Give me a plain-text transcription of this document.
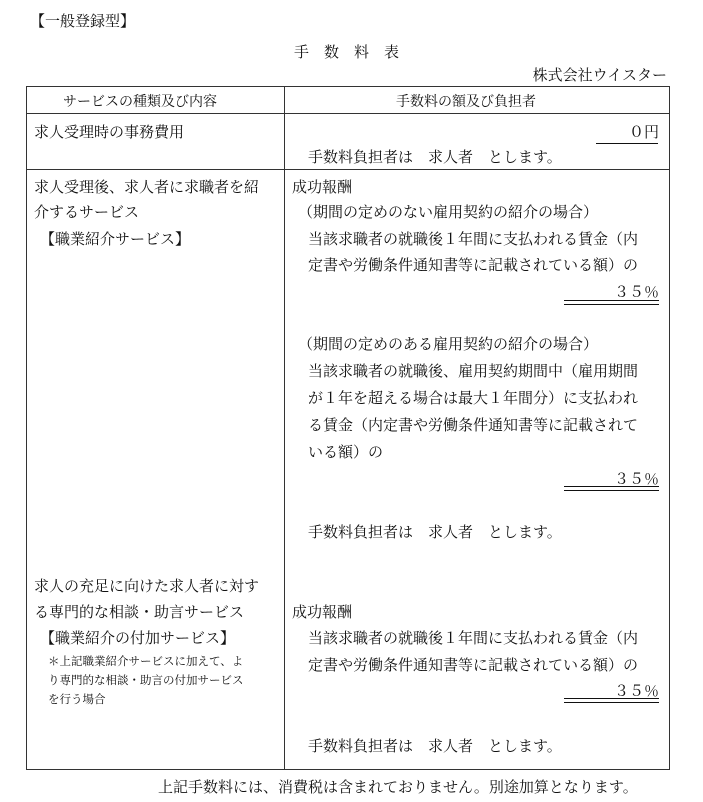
【一般登録型】
手　数　料　表
株式会社ウイスター
サービスの種類及び内容	手数料の額及び負担者
求人受理時の事務費用	０円
手数料負担者は　求人者　とします。
求人受理後、求人者に求職者を紹
介するサービス
【職業紹介サービス】
成功報酬
（期間の定めのない雇用契約の紹介の場合）
当該求職者の就職後１年間に支払われる賃金（内
定書や労働条件通知書等に記載されている額）の
３５％
（期間の定めのある雇用契約の紹介の場合）
当該求職者の就職後、雇用契約期間中（雇用期間
が１年を超える場合は最大１年間分）に支払われ
る賃金（内定書や労働条件通知書等に記載されて
いる額）の
３５％
手数料負担者は　求人者　とします。
求人の充足に向けた求人者に対す
る専門的な相談・助言サービス
【職業紹介の付加サービス】
＊上記職業紹介サービスに加えて、よ
り専門的な相談・助言の付加サービス
を行う場合
成功報酬
当該求職者の就職後１年間に支払われる賃金（内
定書や労働条件通知書等に記載されている額）の
３５％
手数料負担者は　求人者　とします。
上記手数料には、消費税は含まれておりません。別途加算となります。
